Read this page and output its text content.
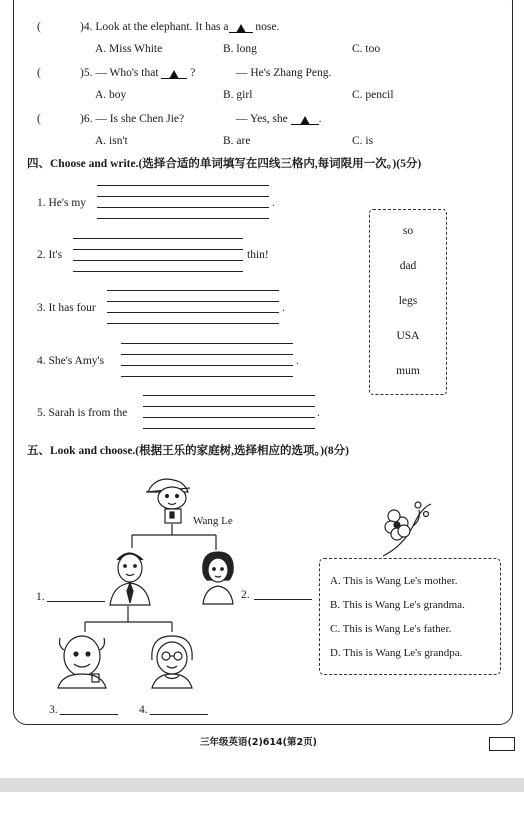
(	)4. Look at the elephant. It has a nose.
A. Miss White	B. long	C. too
(	)5. — Who's that	?	— He's Zhang Peng.
A. boy	B. girl	C. pencil
(	)6. — Is she Chen Jie?	— Yes, she	.
A. isn't	B. are	C. is
四、Choose and write.(选择合适的单词填写在四线三格内,每词限用一次。)(5分)
1. He's my	.
2. It's	thin!
3. It has four	.
4. She's Amy's	.
5. Sarah is from the	.
so
dad
legs
USA
mum
五、Look and choose.(根据王乐的家庭树,选择相应的选项。)(8分)
Wang Le
1.	2.
3.	4.
A. This is Wang Le's mother.
B. This is Wang Le's grandma.
C. This is Wang Le's father.
D. This is Wang Le's grandpa.
三年级英语(2)614(第2页)
